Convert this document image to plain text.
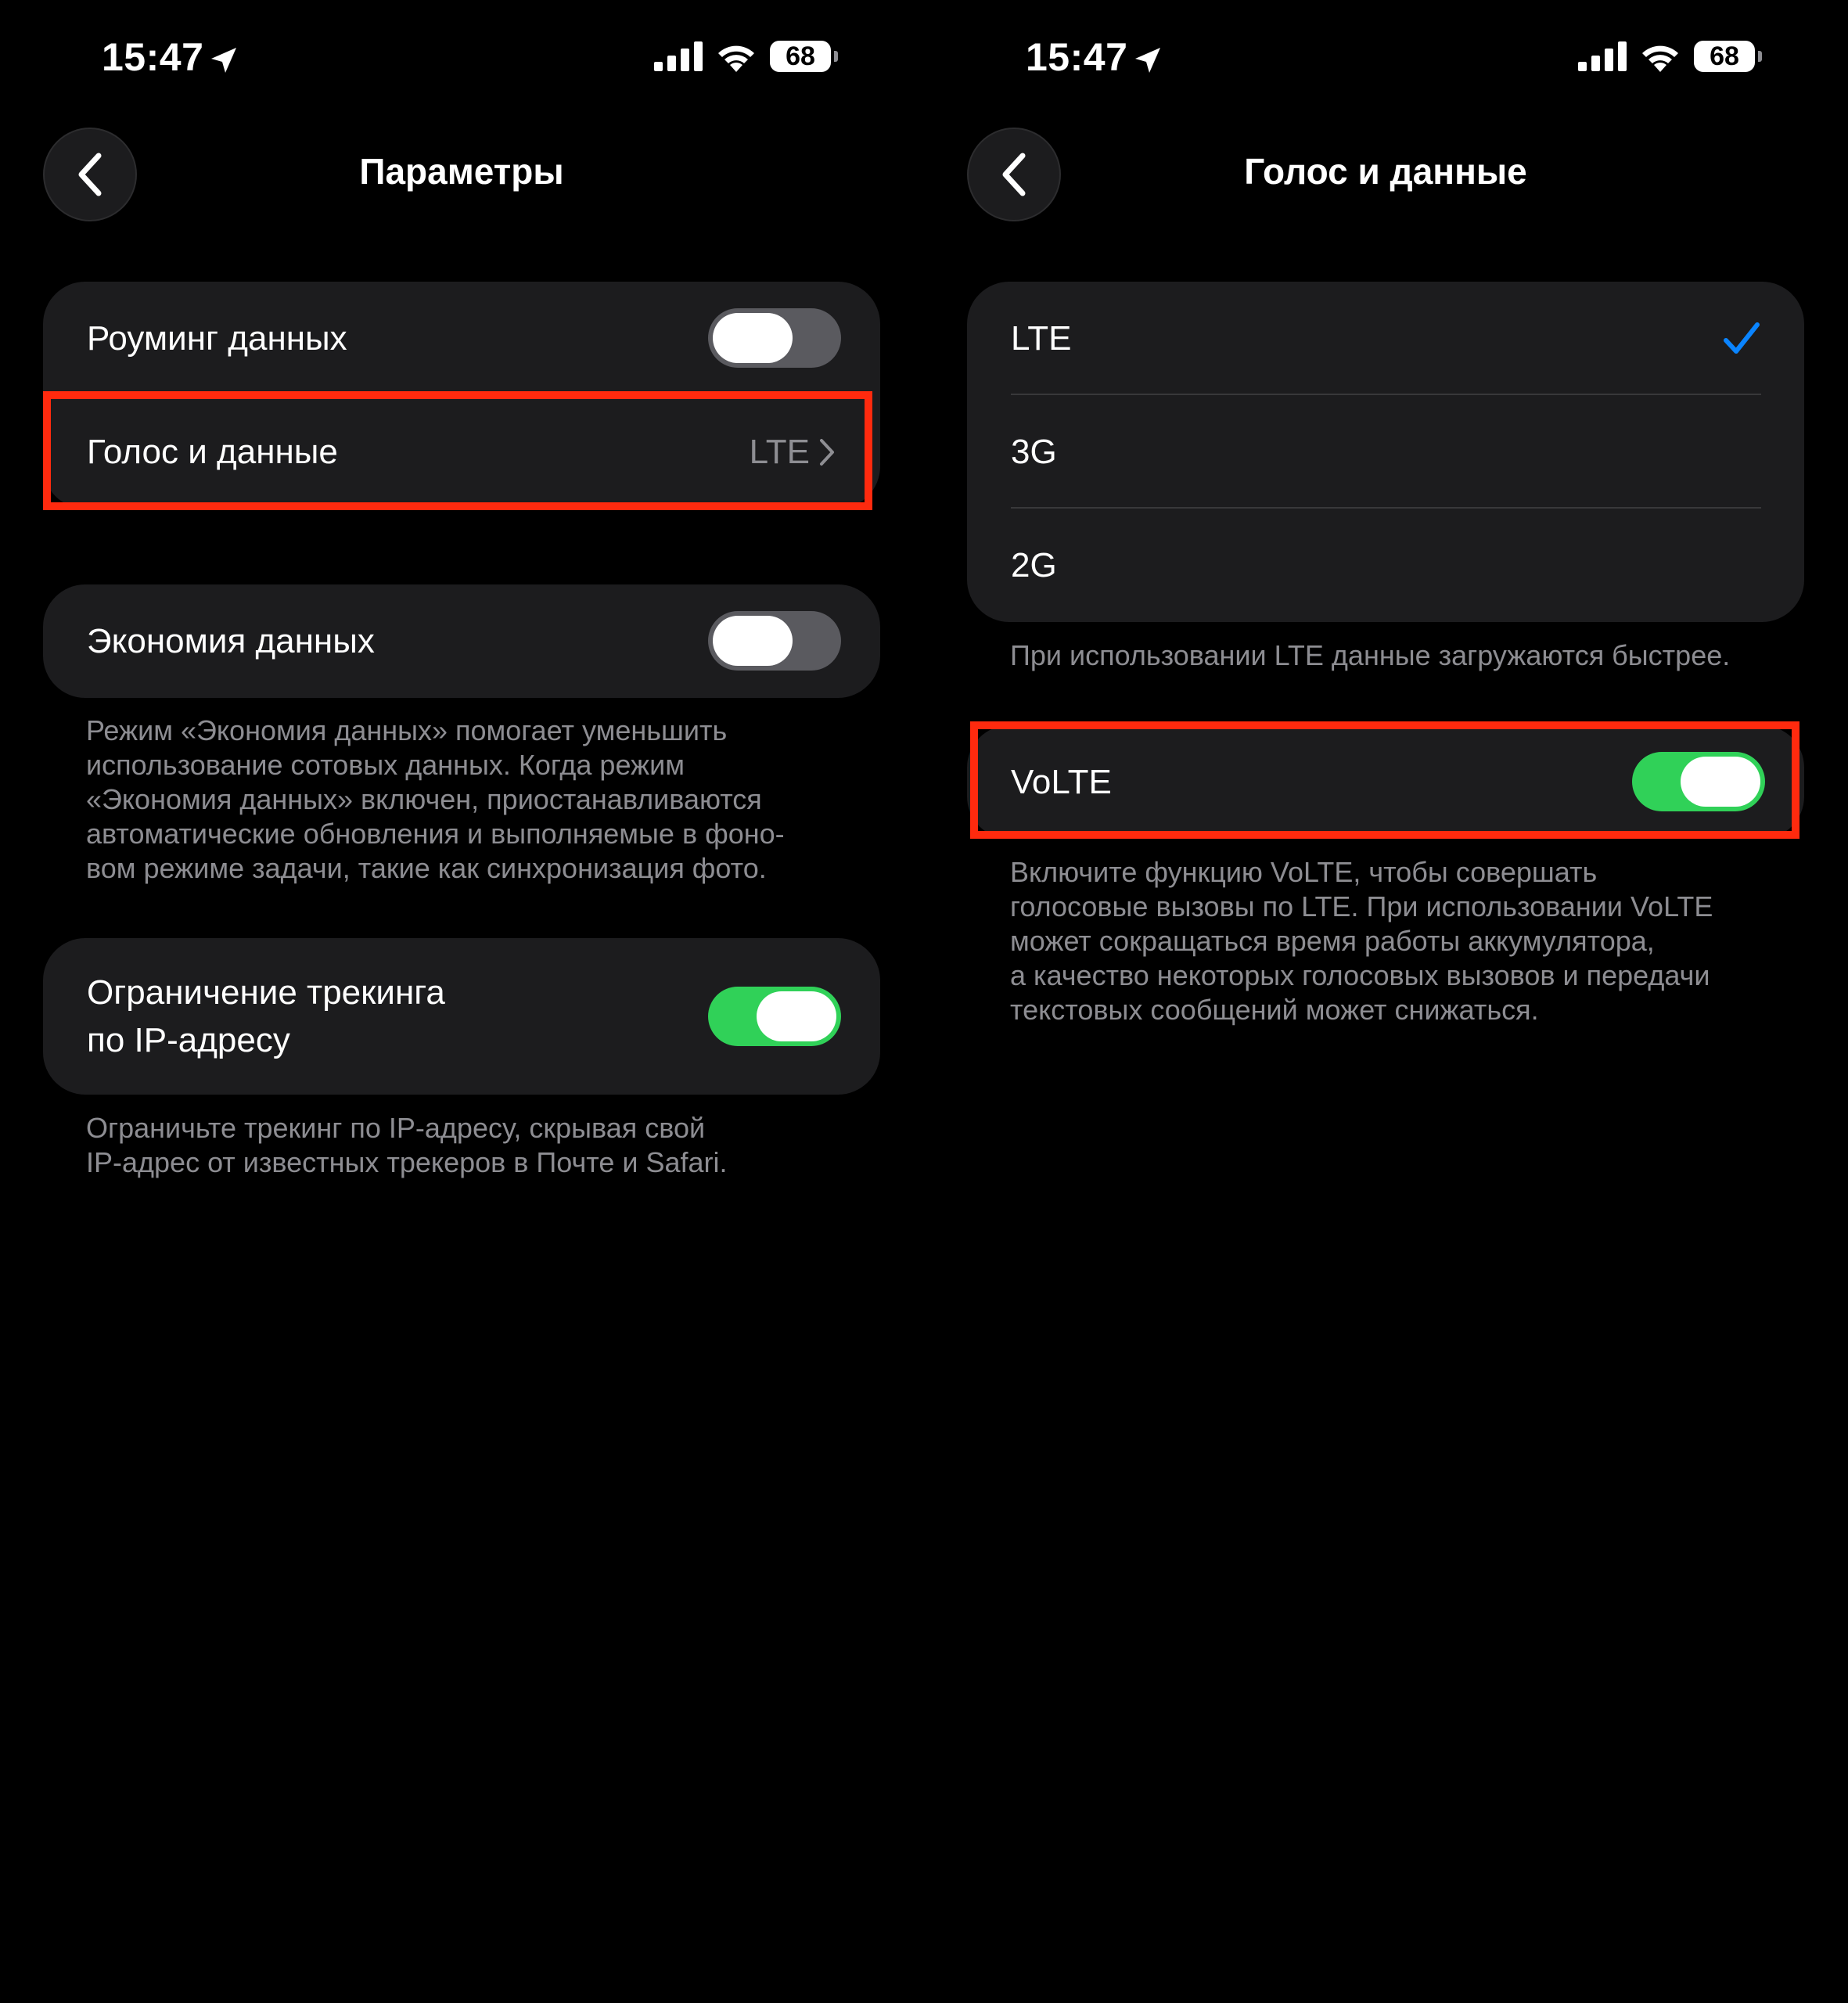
15:47	68
Параметры
Роуминг данных
Голос и данные	LTE
Экономия данных
Режим «Экономия данных» помогает уменьшить
использование сотовых данных. Когда режим
«Экономия данных» включен, приостанавливаются
автоматические обновления и выполняемые в фоно-
вом режиме задачи, такие как синхронизация фото.
Ограничение трекинга
по IP-адресу
Ограничьте трекинг по IP-адресу, скрывая свой
IP-адрес от известных трекеров в Почте и Safari.
15:47	68
Голос и данные
LTE
3G
2G
При использовании LTE данные загружаются быстрее.
VoLTE
Включите функцию VoLTE, чтобы совершать
голосовые вызовы по LTE. При использовании VoLTE
может сокращаться время работы аккумулятора,
а качество некоторых голосовых вызовов и передачи
текстовых сообщений может снижаться.
